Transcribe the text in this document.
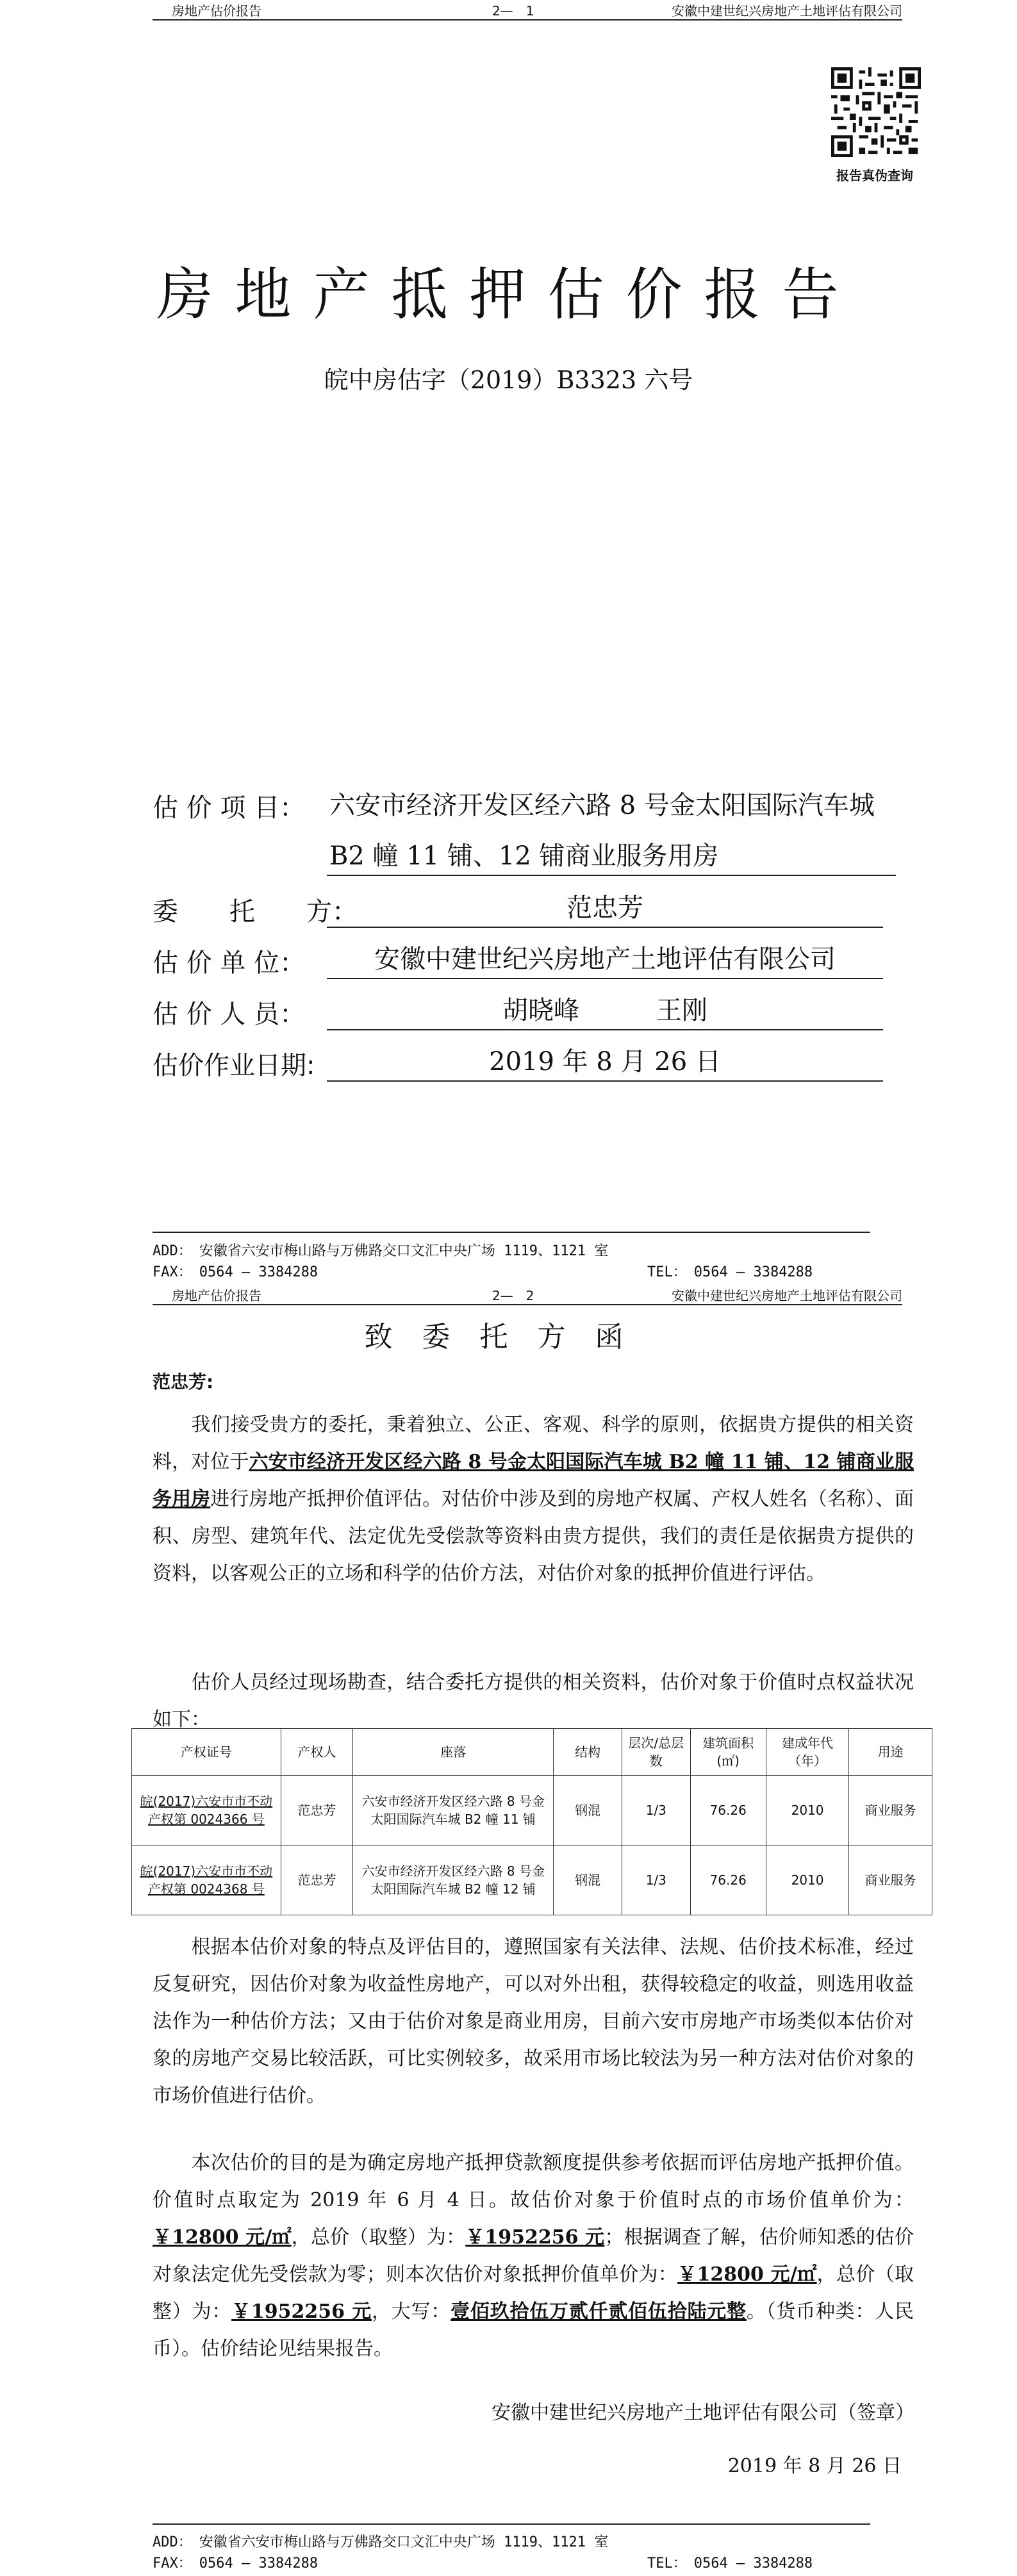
房地产估价报告	2—　1	安徽中建世纪兴房地产土地评估有限公司
报告真伪查询
房地产抵押估价报告
皖中房估字（2019）B3323 六号
估 价 项 目： 六安市经济开发区经六路 8 号金太阳国际汽车城
B2 幢 11 铺、12 铺商业服务用房
委　　托　　方：	范忠芳
估 价 单 位：	安徽中建世纪兴房地产土地评估有限公司
估 价 人 员：	胡晓峰　　　王刚
估价作业日期:	2019 年 8 月 26 日
ADD：　安徽省六安市梅山路与万佛路交口文汇中央广场 1119、1121 室
FAX：　0564 — 3384288	TEL：　0564 — 3384288
房地产估价报告	2—　2	安徽中建世纪兴房地产土地评估有限公司
致委托方函
范忠芳:

我们接受贵方的委托，秉着独立、公正、客观、科学的原则，依据贵方提供的相关资料，对位于六安市经济开发区经六路 8 号金太阳国际汽车城 B2 幢 11 铺、12 铺商业服务用房进行房地产抵押价值评估。对估价中涉及到的房地产权属、产权人姓名（名称）、面积、房型、建筑年代、法定优先受偿款等资料由贵方提供，我们的责任是依据贵方提供的资料，以客观公正的立场和科学的估价方法，对估价对象的抵押价值进行评估。

估价人员经过现场勘查，结合委托方提供的相关资料，估价对象于价值时点权益状况如下：

产权证号	产权人	座落	结构	层次/总层数	建筑面积(㎡)	建成年代（年）	用途
皖(2017)六安市市不动产权第 0024366 号	范忠芳	六安市经济开发区经六路 8 号金太阳国际汽车城 B2 幢 11 铺	钢混	1/3	76.26	2010	商业服务
皖(2017)六安市市不动产权第 0024368 号	范忠芳	六安市经济开发区经六路 8 号金太阳国际汽车城 B2 幢 12 铺	钢混	1/3	76.26	2010	商业服务

根据本估价对象的特点及评估目的，遵照国家有关法律、法规、估价技术标准，经过反复研究，因估价对象为收益性房地产，可以对外出租，获得较稳定的收益，则选用收益法作为一种估价方法；又由于估价对象是商业用房，目前六安市房地产市场类似本估价对象的房地产交易比较活跃，可比实例较多，故采用市场比较法为另一种方法对估价对象的市场价值进行估价。

本次估价的目的是为确定房地产抵押贷款额度提供参考依据而评估房地产抵押价值。价值时点取定为 2019 年 6 月 4 日。故估价对象于价值时点的市场价值单价为：￥12800 元/㎡，总价（取整）为：￥1952256 元；根据调查了解，估价师知悉的估价对象法定优先受偿款为零；则本次估价对象抵押价值单价为：￥12800 元/㎡，总价（取整）为：￥1952256 元，大写：壹佰玖拾伍万贰仟贰佰伍拾陆元整。（货币种类：人民币）。估价结论见结果报告。

安徽中建世纪兴房地产土地评估有限公司（签章）
2019 年 8 月 26 日
ADD：　安徽省六安市梅山路与万佛路交口文汇中央广场 1119、1121 室
FAX：　0564 — 3384288	TEL：　0564 — 3384288
